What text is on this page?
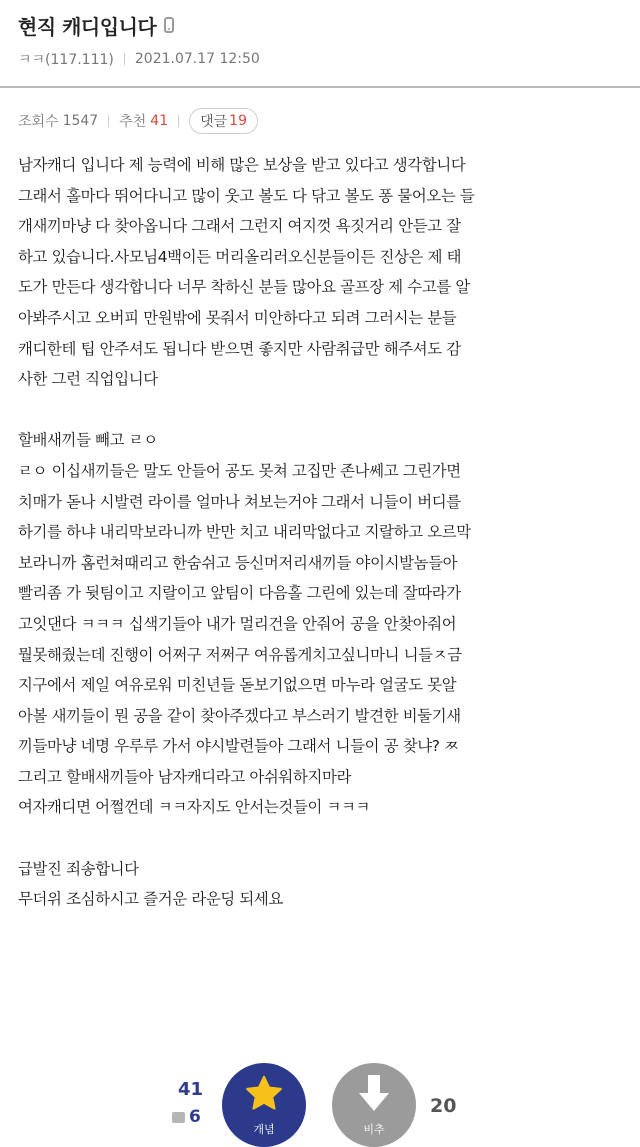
현직 캐디입니다
ㅋㅋ(117.111) 2021.07.17 12:50
조회수 1547 추천 41 댓글 19
남자캐디 입니다 제 능력에 비해 많은 보상을 받고 있다고 생각합니다
그래서 홀마다 뛰어다니고 많이 웃고 볼도 다 닦고 볼도 퐁 물어오는 들
개새끼마냥 다 찾아옵니다 그래서 그런지 여지껏 욕짓거리 안듣고 잘
하고 있습니다.사모님4백이든 머리올리러오신분들이든 진상은 제 태
도가 만든다 생각합니다 너무 착하신 분들 많아요 골프장 제 수고를 알
아봐주시고 오버피 만원밖에 못줘서 미안하다고 되려 그러시는 분들
캐디한테 팁 안주셔도 됩니다 받으면 좋지만 사람취급만 해주셔도 감
사한 그런 직업입니다
할배새끼들 빼고 ㄹㅇ
ㄹㅇ 이십새끼들은 말도 안들어 공도 못쳐 고집만 존나쎄고 그린가면
치매가 돋나 시발련 라이를 얼마나 쳐보는거야 그래서 니들이 버디를
하기를 하냐 내리막보라니까 반만 치고 내리막없다고 지랄하고 오르막
보라니까 홈런쳐때리고 한숨쉬고 등신머저리새끼들 야이시발놈들아
빨리좀 가 뒷팀이고 지랄이고 앞팀이 다음홀 그린에 있는데 잘따라가
고잇댄다 ㅋㅋㅋ 십색기들아 내가 멀리건을 안줘어 공을 안찾아줘어
뭘못해줬는데 진행이 어쩌구 저쩌구 여유롭게치고싶니마니 니들ㅈ금
지구에서 제일 여유로워 미친년들 돋보기없으면 마누라 얼굴도 못알
아볼 새끼들이 뭔 공을 같이 찾아주겠다고 부스러기 발견한 비둘기새
끼들마냥 네명 우루루 가서 야시발련들아 그래서 니들이 공 찾냐? ㅉ
그리고 할배새끼들아 남자캐디라고 아쉬워하지마라
여자캐디면 어쩔껀데 ㅋㅋ자지도 안서는것들이 ㅋㅋㅋ
급발진 죄송합니다
무더위 조심하시고 즐거운 라운딩 되세요
41
6
개념	비추
20
